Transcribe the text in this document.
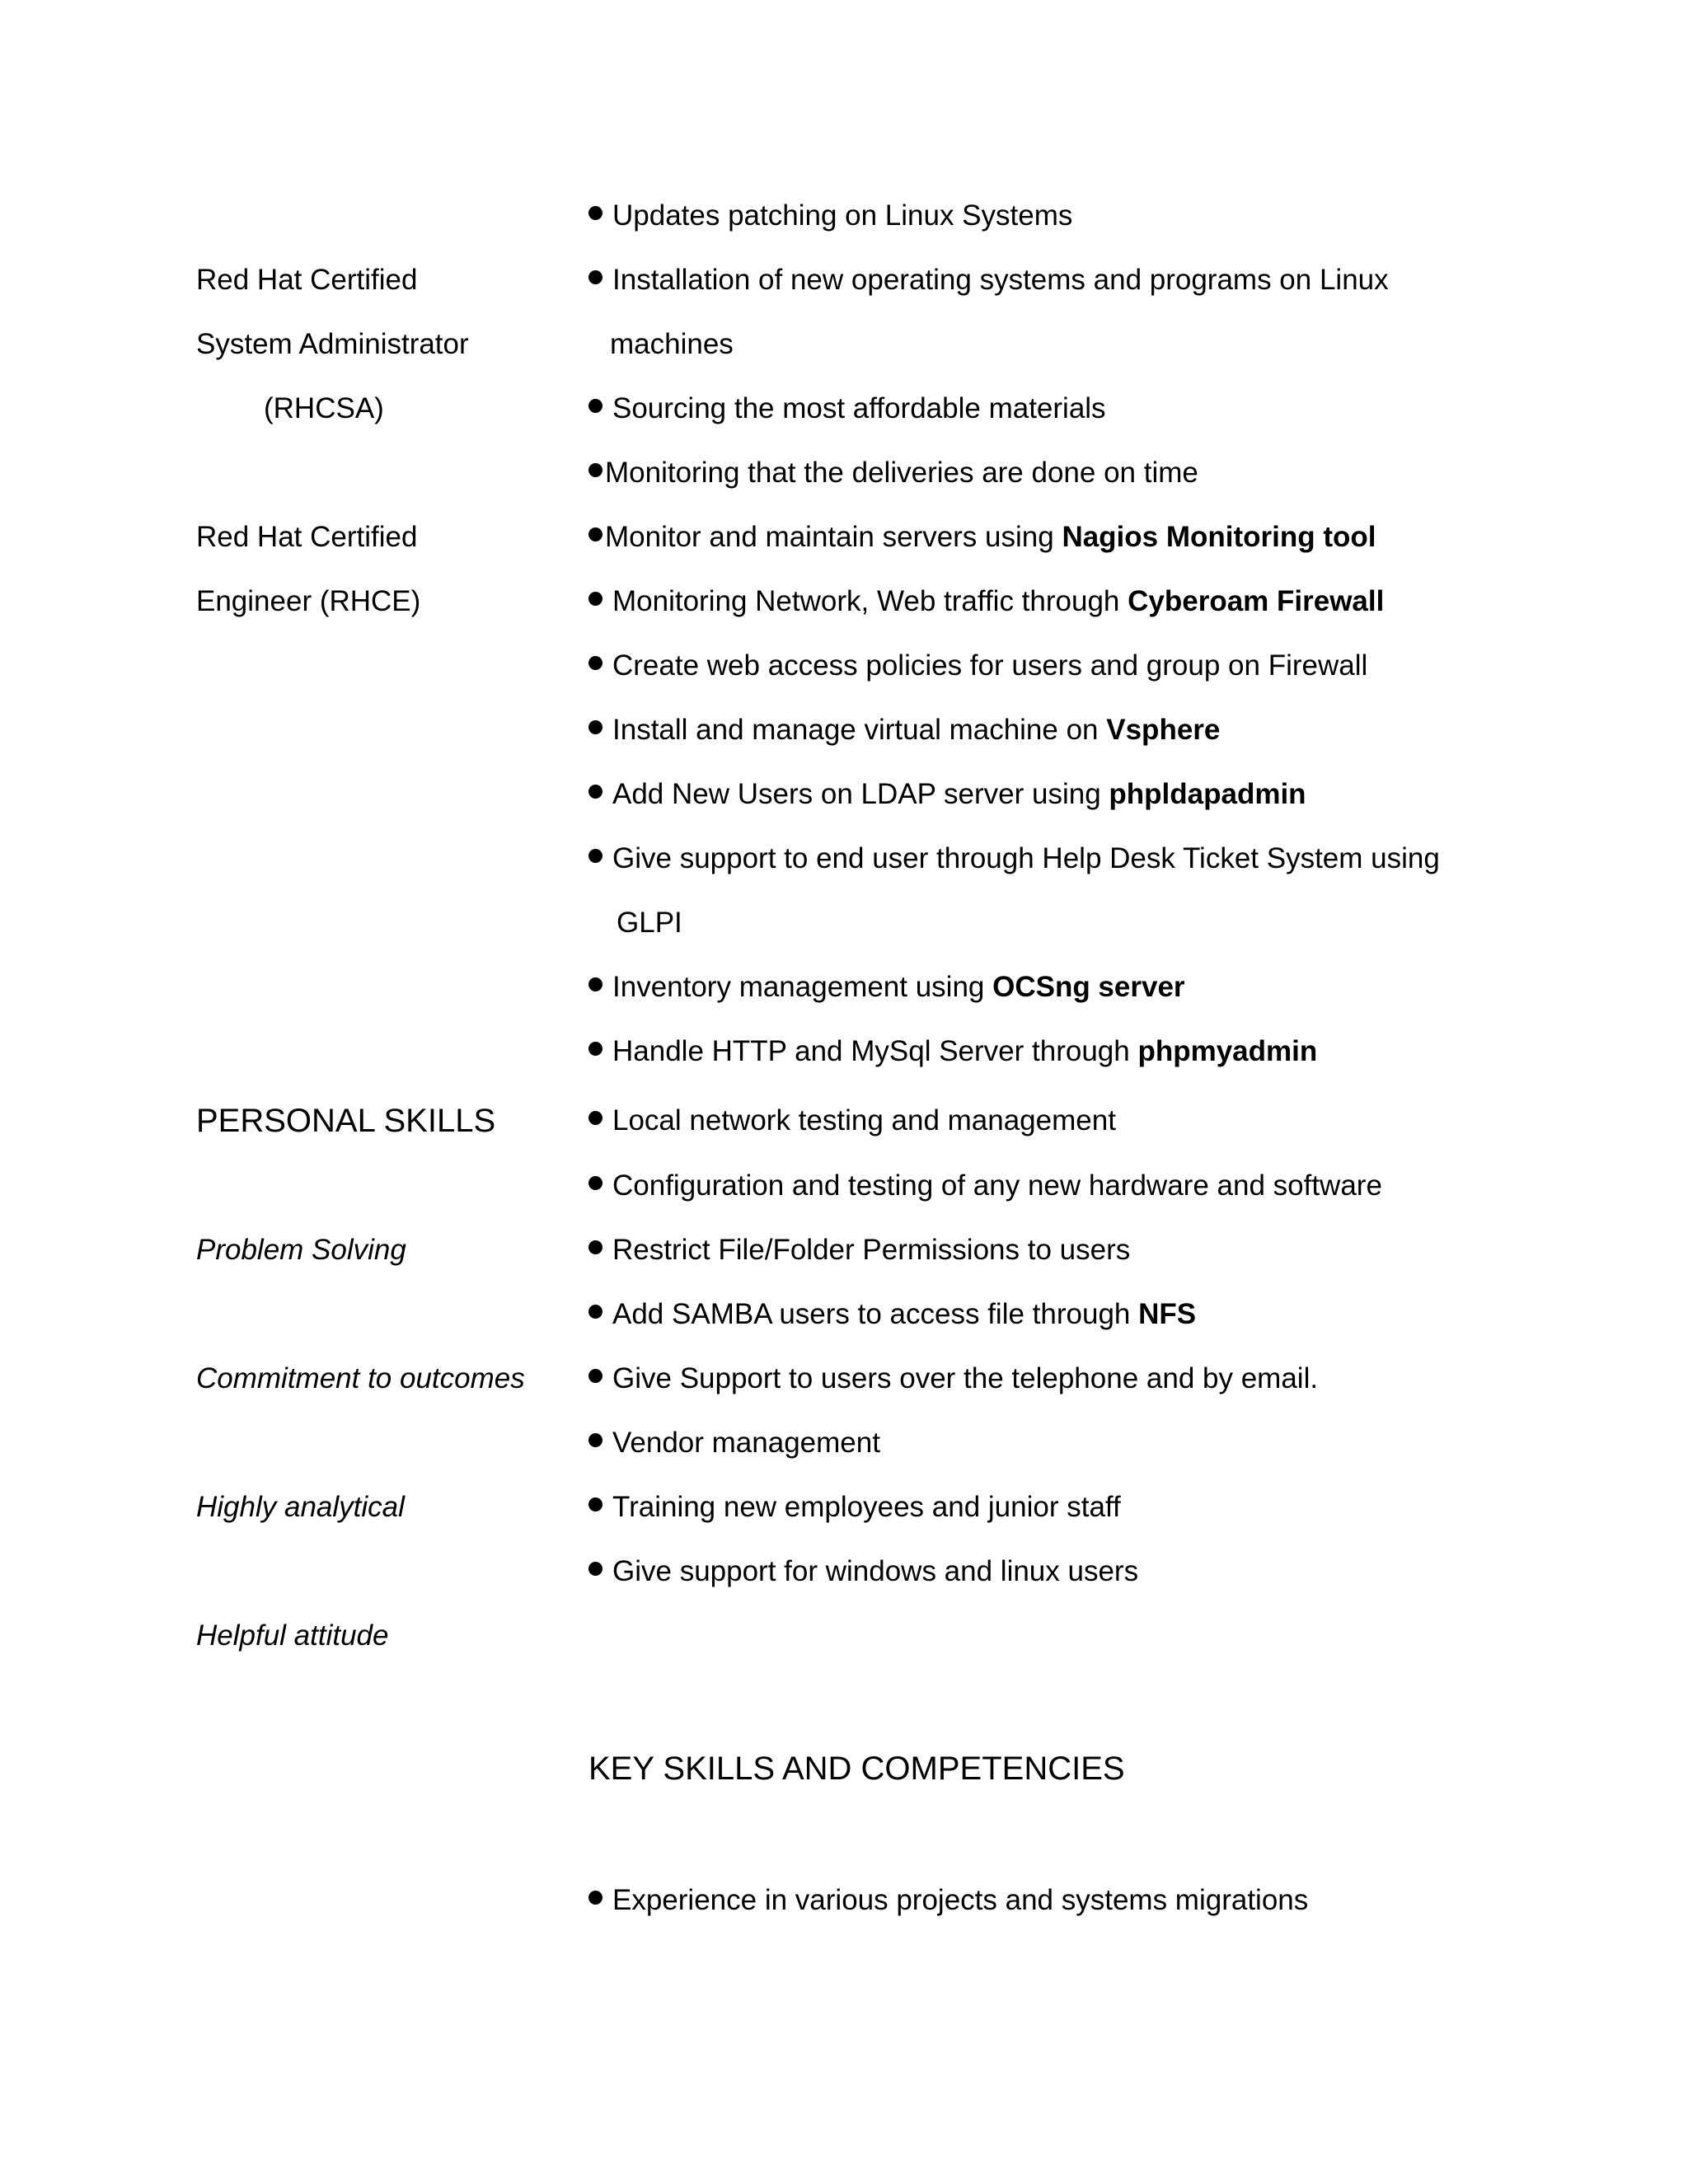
Red Hat Certified
System Administrator
(RHCSA)
Red Hat Certified
Engineer (RHCE)
PERSONAL SKILLS
Problem Solving
Commitment to outcomes
Highly analytical
Helpful attitude
Updates patching on Linux Systems
Installation of new operating systems and programs on Linux
machines
Sourcing the most affordable materials
Monitoring that the deliveries are done on time
Monitor and maintain servers using Nagios Monitoring tool
Monitoring Network, Web traffic through Cyberoam Firewall
Create web access policies for users and group on Firewall
Install and manage virtual machine on Vsphere
Add New Users on LDAP server using phpldapadmin
Give support to end user through Help Desk Ticket System using
GLPI
Inventory management using OCSng server
Handle HTTP and MySql Server through phpmyadmin
Local network testing and management
Configuration and testing of any new hardware and software
Restrict File/Folder Permissions to users
Add SAMBA users to access file through NFS
Give Support to users over the telephone and by email.
Vendor management
Training new employees and junior staff
Give support for windows and linux users
KEY SKILLS AND COMPETENCIES
Experience in various projects and systems migrations
